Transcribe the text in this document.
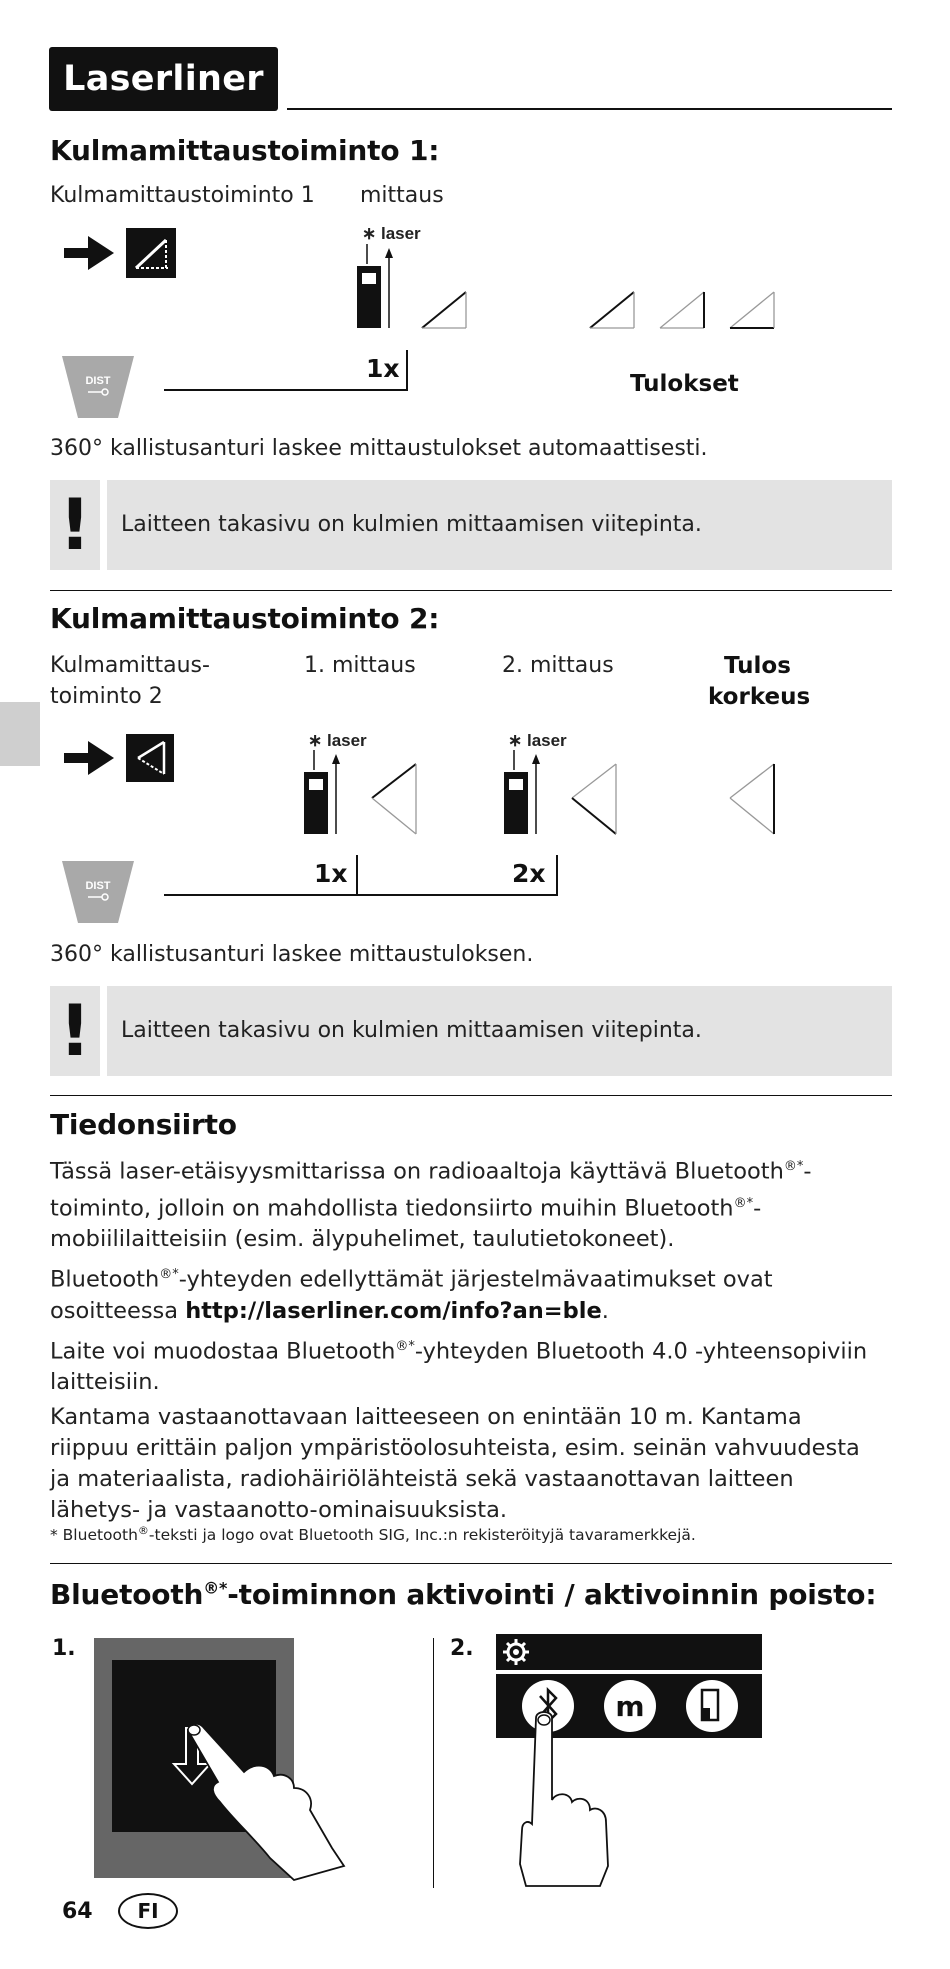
Laserliner
Kulmamittaustoiminto 1:
Kulmamittaustoiminto 1 mittaus
∗ laser
DIST	1x
Tulokset
360° kallistusanturi laskee mittaustulokset automaattisesti.
!	Laitteen takasivu on kulmien mittaamisen viitepinta.
Kulmamittaustoiminto 2:
Kulmamittaus-
toiminto 2
1. mittaus	2. mittaus	Tulos
korkeus
∗ laser	∗ laser
DIST	1x	2x
360° kallistusanturi laskee mittaustuloksen.
!	Laitteen takasivu on kulmien mittaamisen viitepinta.
Tiedonsiirto

Tässä laser-etäisyysmittarissa on radioaaltoja käyttävä Bluetooth®*-
toiminto, jolloin on mahdollista tiedonsiirto muihin Bluetooth®*-
mobiililaitteisiin (esim. älypuhelimet, taulutietokoneet).

Bluetooth®*-yhteyden edellyttämät järjestelmävaatimukset ovat
osoitteessa http://laserliner.com/info?an=ble.

Laite voi muodostaa Bluetooth®*-yhteyden Bluetooth 4.0 -yhteensopiviin
laitteisiin.

Kantama vastaanottavaan laitteeseen on enintään 10 m. Kantama
riippuu erittäin paljon ympäristöolosuhteista, esim. seinän vahvuudesta
ja materiaalista, radiohäiriölähteistä sekä vastaanottavan laitteen
lähetys- ja vastaanotto-ominaisuuksista.

* Bluetooth®-teksti ja logo ovat Bluetooth SIG, Inc.:n rekisteröityjä tavaramerkkejä.
Bluetooth®*-toiminnon aktivointi / aktivoinnin poisto:
1.	2.
m
64	FI
